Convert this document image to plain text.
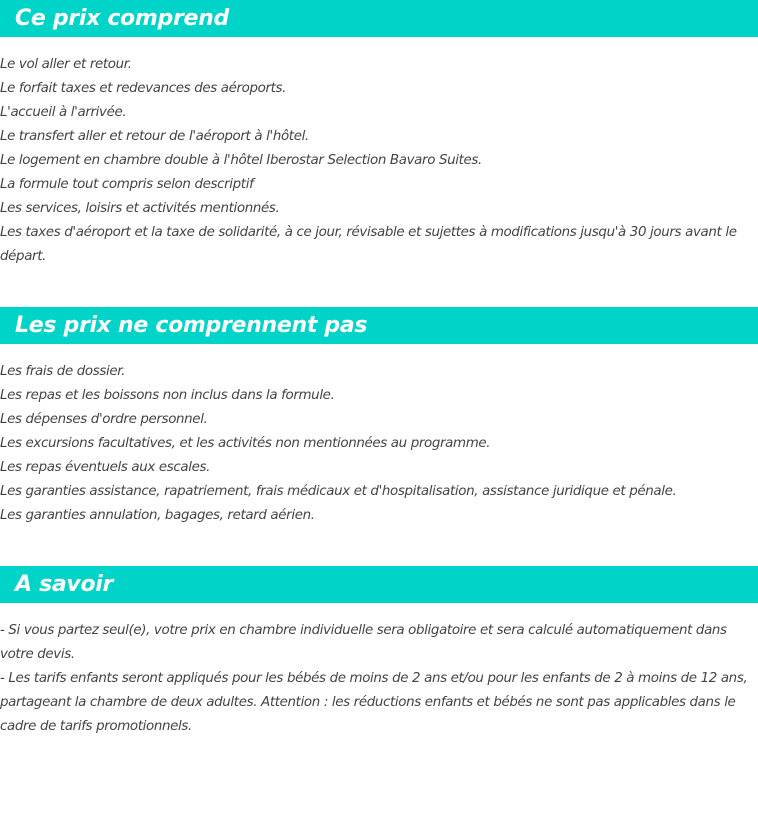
Ce prix comprend

Le vol aller et retour.

Le forfait taxes et redevances des aéroports.

L'accueil à l'arrivée.

Le transfert aller et retour de l'aéroport à l'hôtel.

Le logement en chambre double à l'hôtel Iberostar Selection Bavaro Suites.

La formule tout compris selon descriptif

Les services, loisirs et activités mentionnés.

Les taxes d'aéroport et la taxe de solidarité, à ce jour, révisable et sujettes à modifications jusqu'à 30 jours avant le départ.

Les prix ne comprennent pas

Les frais de dossier.

Les repas et les boissons non inclus dans la formule.

Les dépenses d'ordre personnel.

Les excursions facultatives, et les activités non mentionnées au programme.

Les repas éventuels aux escales.

Les garanties assistance, rapatriement, frais médicaux et d'hospitalisation, assistance juridique et pénale.

Les garanties annulation, bagages, retard aérien.

A savoir

- Si vous partez seul(e), votre prix en chambre individuelle sera obligatoire et sera calculé automatiquement dans votre devis.

- Les tarifs enfants seront appliqués pour les bébés de moins de 2 ans et/ou pour les enfants de 2 à moins de 12 ans, partageant la chambre de deux adultes. Attention : les réductions enfants et bébés ne sont pas applicables dans le cadre de tarifs promotionnels.
